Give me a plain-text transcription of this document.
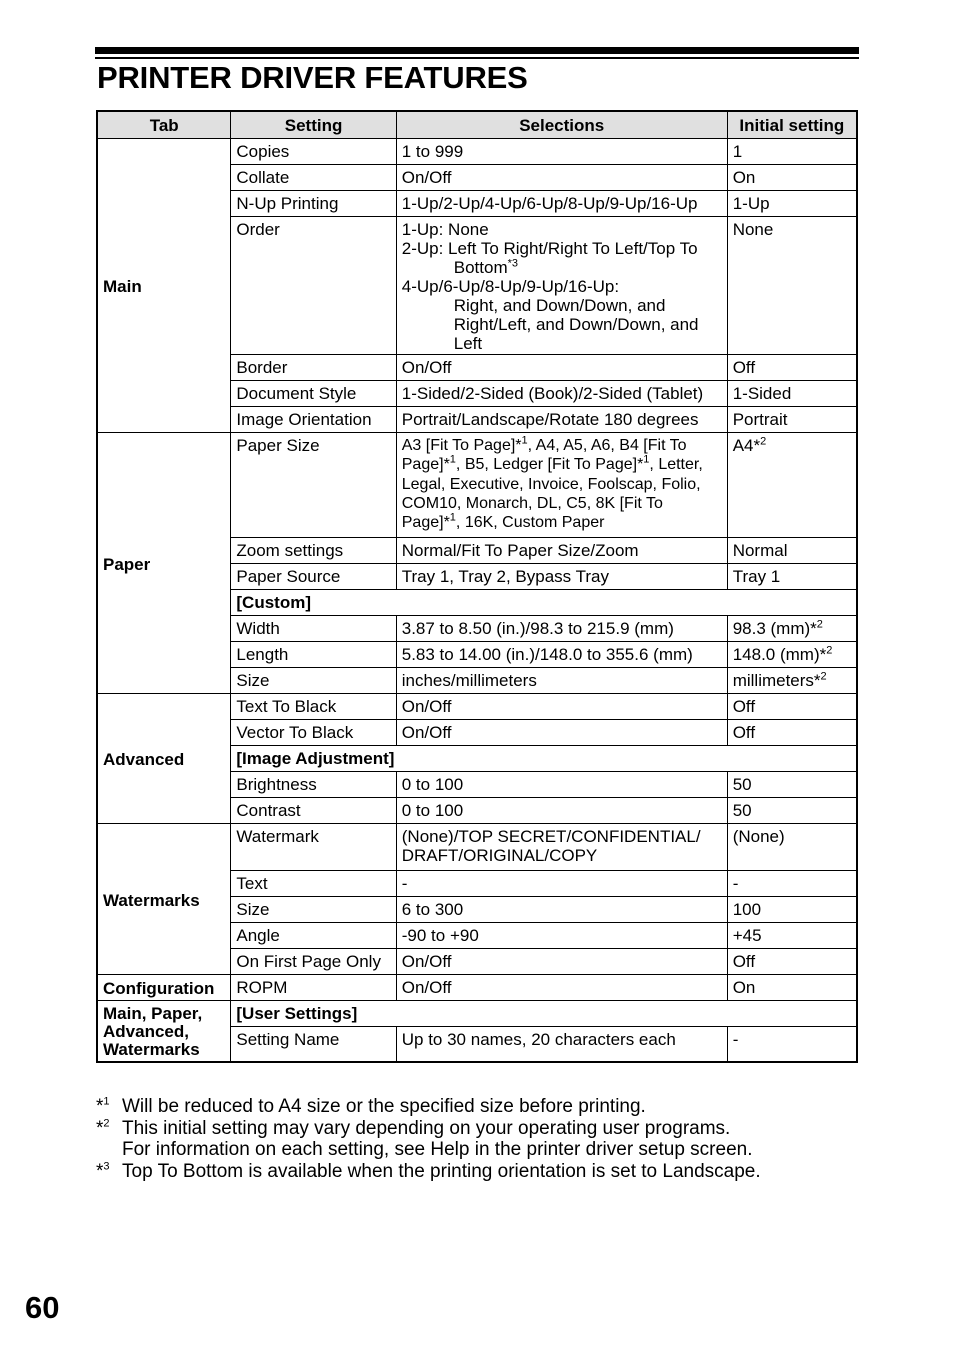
PRINTER DRIVER FEATURES
Tab	Setting	Selections	Initial setting
Main	Copies	1 to 999	1
	Collate	On/Off	On
	N-Up Printing	1-Up/2-Up/4-Up/6-Up/8-Up/9-Up/16-Up	1-Up
	Order	1-Up: None
2-Up: Left To Right/Right To Left/Top To Bottom$^{*3}$
4-Up/6-Up/8-Up/9-Up/16-Up:
Right, and Down/Down, and Right/Left, and Down/Down, and Left	None
	Border	On/Off	Off
	Document Style	1-Sided/2-Sided (Book)/2-Sided (Tablet)	1-Sided
	Image Orientation	Portrait/Landscape/Rotate 180 degrees	Portrait
Paper	Paper Size	A3 [Fit To Page]*$^1$, A4, A5, A6, B4 [Fit To Page]*$^1$, B5, Ledger [Fit To Page]*$^1$, Letter, Legal, Executive, Invoice, Foolscap, Folio, COM10, Monarch, DL, C5, 8K [Fit To Page]*$^1$, 16K, Custom Paper	A4*$^2$
	Zoom settings	Normal/Fit To Paper Size/Zoom	Normal
	Paper Source	Tray 1, Tray 2, Bypass Tray	Tray 1
	[Custom]		
	Width	3.87 to 8.50 (in.)/98.3 to 215.9 (mm)	98.3 (mm)*$^2$
	Length	5.83 to 14.00 (in.)/148.0 to 355.6 (mm)	148.0 (mm)*$^2$
	Size	inches/millimeters	millimeters*$^2$
Advanced	Text To Black	On/Off	Off
	Vector To Black	On/Off	Off
	[Image Adjustment]		
	Brightness	0 to 100	50
	Contrast	0 to 100	50
Watermarks	Watermark	(None)/TOP SECRET/CONFIDENTIAL/ DRAFT/ORIGINAL/COPY	(None)
	Text	-	-
	Size	6 to 300	100
	Angle	-90 to +90	+45
	On First Page Only	On/Off	Off
Configuration	ROPM	On/Off	On
Main, Paper, Advanced, Watermarks	[User Settings]		
	Setting Name	Up to 30 names, 20 characters each	-
*$^1$ Will be reduced to A4 size or the specified size before printing.
*$^2$ This initial setting may vary depending on your operating user programs.
For information on each setting, see Help in the printer driver setup screen.
*$^3$ Top To Bottom is available when the printing orientation is set to Landscape.
60
